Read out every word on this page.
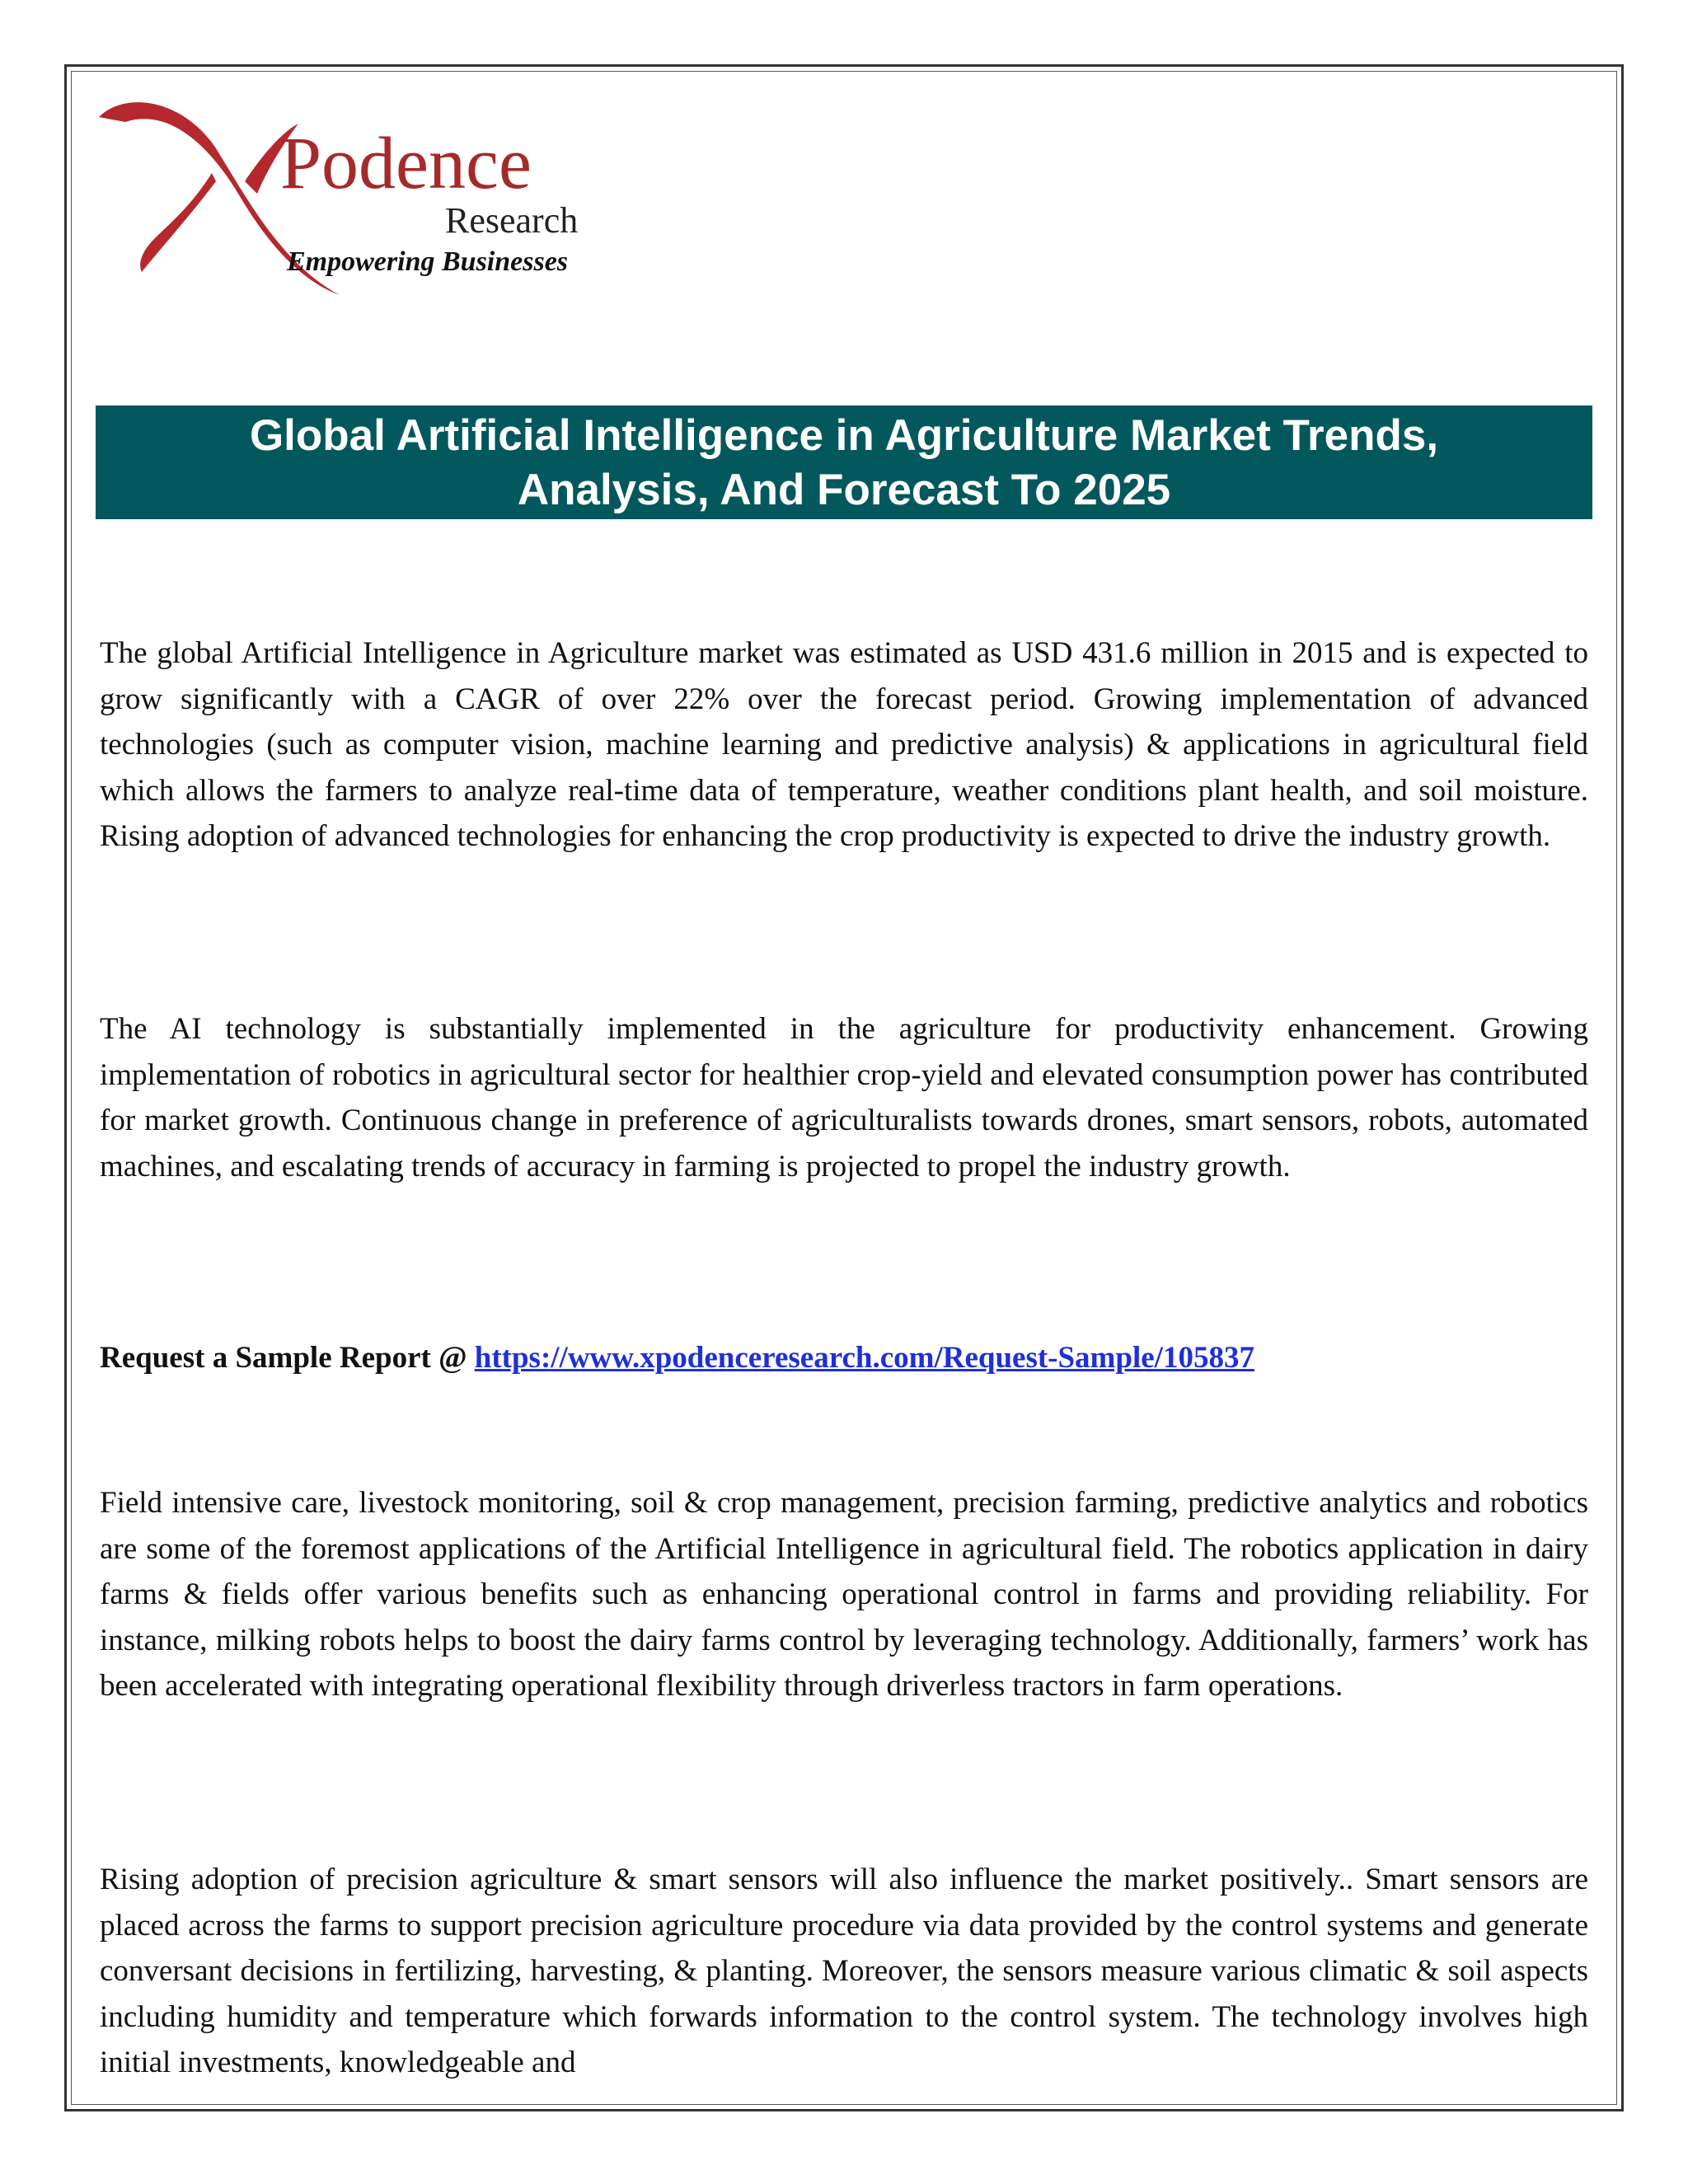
Podence
Research
Empowering Businesses
Global Artificial Intelligence in Agriculture Market Trends,
Analysis, And Forecast To 2025

The global Artificial Intelligence in Agriculture market was estimated as USD 431.6 million in 2015 and is expected to grow significantly with a CAGR of over 22% over the forecast period. Growing implementation of advanced technologies (such as computer vision, machine learning and predictive analysis) & applications in agricultural field which allows the farmers to analyze real-time data of temperature, weather conditions plant health, and soil moisture. Rising adoption of advanced technologies for enhancing the crop productivity is expected to drive the industry growth.

The AI technology is substantially implemented in the agriculture for productivity enhancement. Growing implementation of robotics in agricultural sector for healthier crop-yield and elevated consumption power has contributed for market growth. Continuous change in preference of agriculturalists towards drones, smart sensors, robots, automated machines, and escalating trends of accuracy in farming is projected to propel the industry growth.

Request a Sample Report @ https://www.xpodenceresearch.com/Request-Sample/105837

Field intensive care, livestock monitoring, soil & crop management, precision farming, predictive analytics and robotics are some of the foremost applications of the Artificial Intelligence in agricultural field. The robotics application in dairy farms & fields offer various benefits such as enhancing operational control in farms and providing reliability. For instance, milking robots helps to boost the dairy farms control by leveraging technology. Additionally, farmers’ work has been accelerated with integrating operational flexibility through driverless tractors in farm operations.

Rising adoption of precision agriculture & smart sensors will also influence the market positively.. Smart sensors are placed across the farms to support precision agriculture procedure via data provided by the control systems and generate conversant decisions in fertilizing, harvesting, & planting. Moreover, the sensors measure various climatic & soil aspects including humidity and temperature which forwards information to the control system. The technology involves high initial investments, knowledgeable and
